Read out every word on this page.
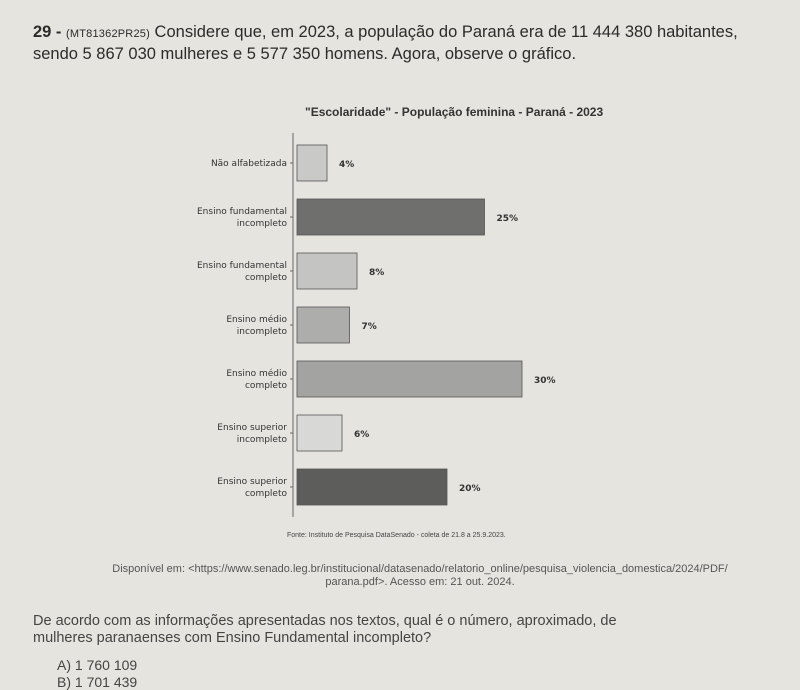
29 - (MT81362PR25) Considere que, em 2023, a população do Paraná era de 11 444 380 habitantes,
sendo 5 867 030 mulheres e 5 577 350 homens. Agora, observe o gráfico.
"Escolaridade" - População feminina - Paraná - 2023
4%
Não alfabetizada
25%
Ensino fundamental
incompleto
8%
Ensino fundamental
completo
7%
Ensino médio
incompleto
30%
Ensino médio
completo
6%
Ensino superior
incompleto
20%
Ensino superior
completo
Fonte: Instituto de Pesquisa DataSenado - coleta de 21.8 a 25.9.2023.
Disponível em: <https://www.senado.leg.br/institucional/datasenado/relatorio_online/pesquisa_violencia_domestica/2024/PDF/
parana.pdf>. Acesso em: 21 out. 2024.
De acordo com as informações apresentadas nos textos, qual é o número, aproximado, de
mulheres paranaenses com Ensino Fundamental incompleto?
A) 1 760 109
B) 1 701 439
